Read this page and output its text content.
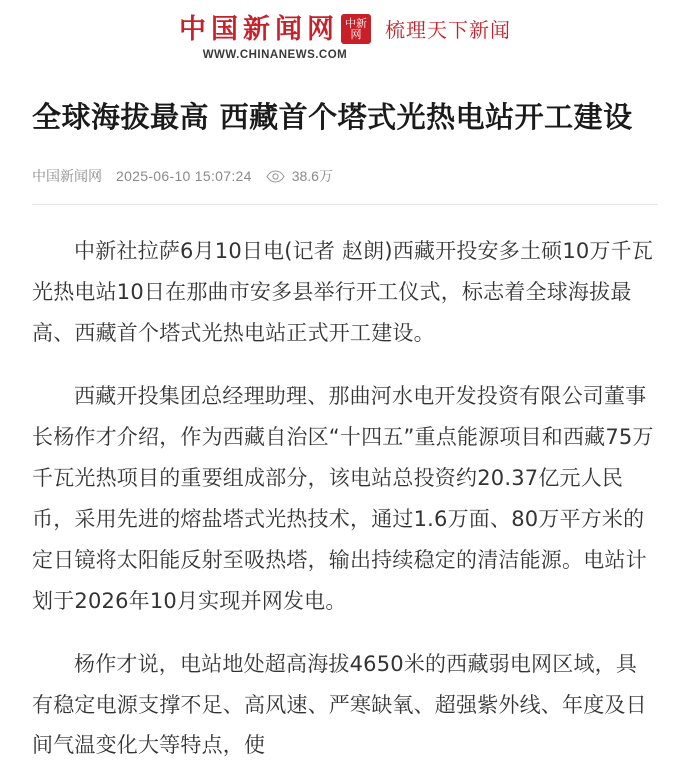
中 国 新 闻 网 中新
网
WWW.CHINANEWS.COM
梳理天下新闻
全球海拔最高 西藏首个塔式光热电站开工建设
中国新闻网 2025-06-10 15:07:24	38.6万

中新社拉萨6月10日电(记者 赵朗)西藏开投安多土硕10万千瓦光热电站10日在那曲市安多县举行开工仪式，标志着全球海拔最高、西藏首个塔式光热电站正式开工建设。

西藏开投集团总经理助理、那曲河水电开发投资有限公司董事长杨作才介绍，作为西藏自治区“十四五”重点能源项目和西藏75万千瓦光热项目的重要组成部分，该电站总投资约20.37亿元人民币，采用先进的熔盐塔式光热技术，通过1.6万面、80万平方米的定日镜将太阳能反射至吸热塔，输出持续稳定的清洁能源。电站计划于2026年10月实现并网发电。

杨作才说，电站地处超高海拔4650米的西藏弱电网区域，具有稳定电源支撑不足、高风速、严寒缺氧、超强紫外线、年度及日间气温变化大等特点，使
